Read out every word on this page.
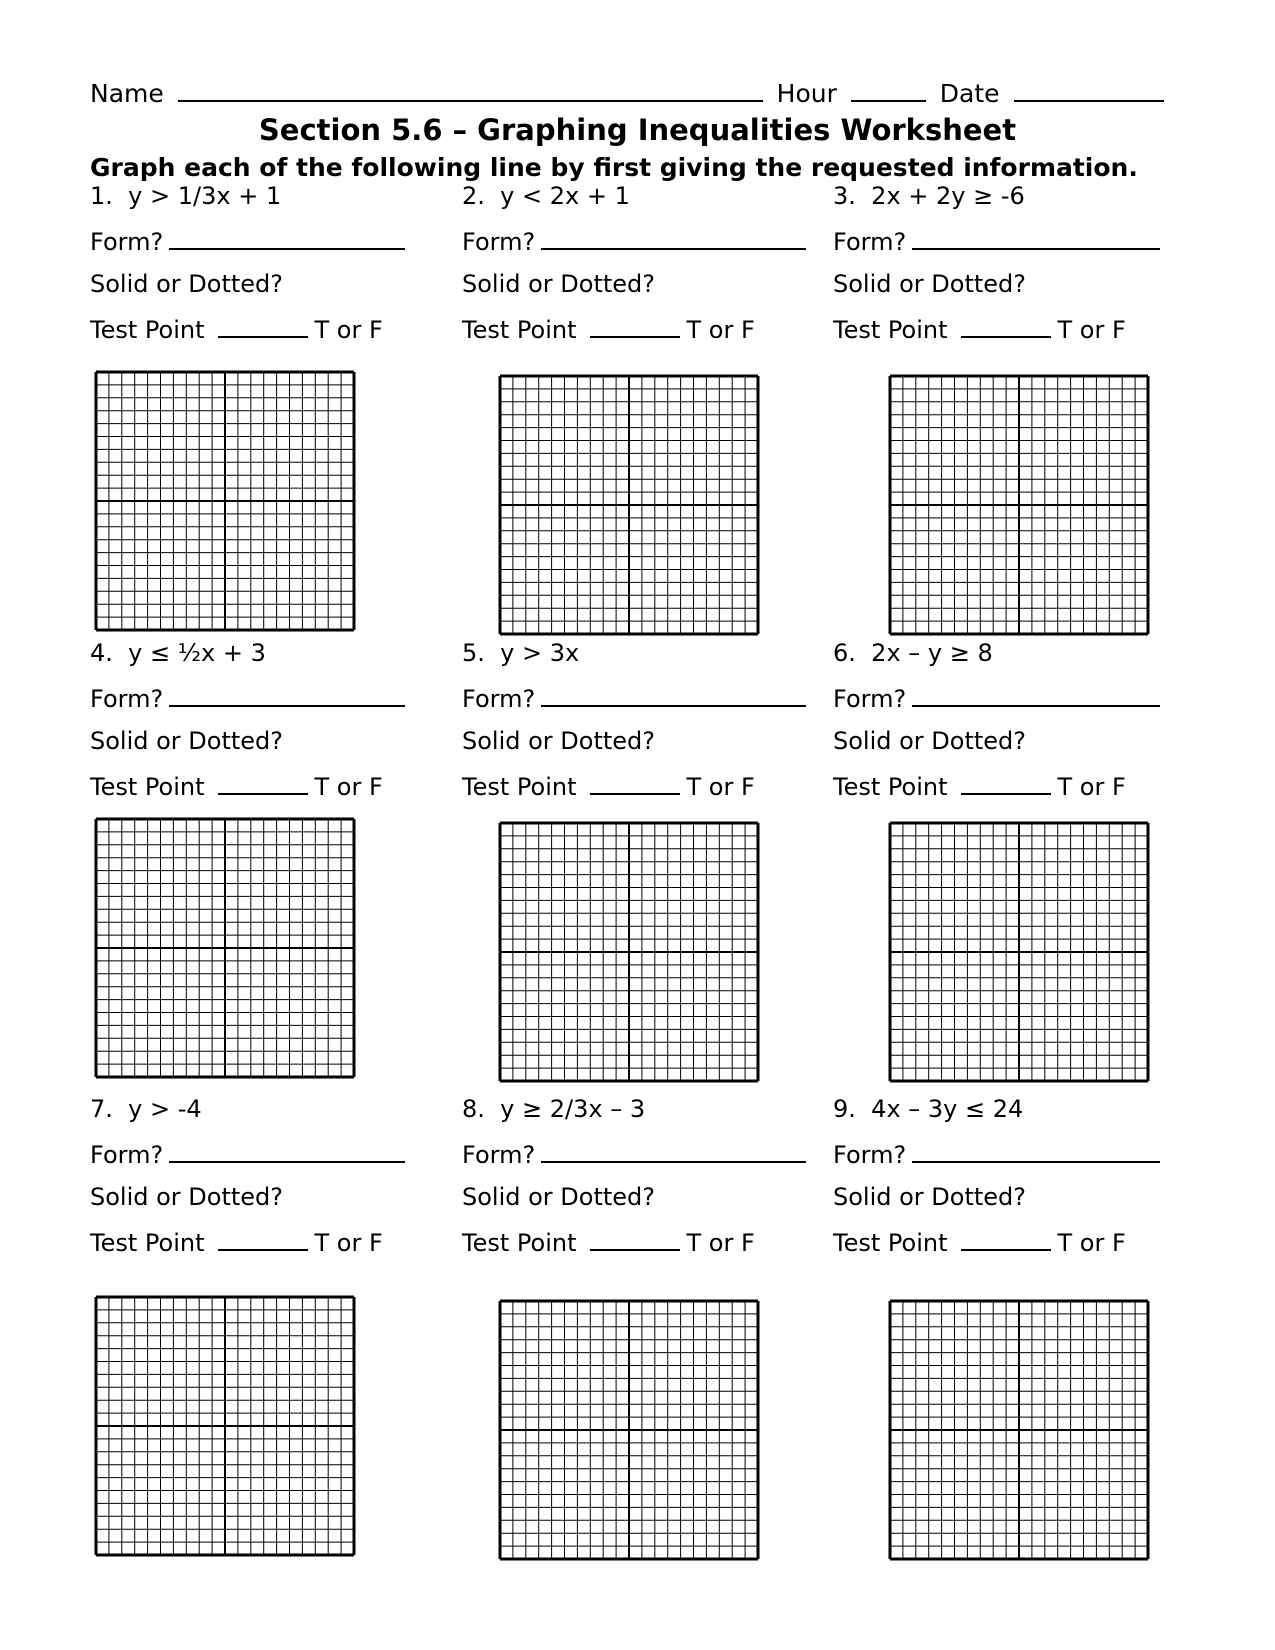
Name	Hour	Date
Section 5.6 – Graphing Inequalities Worksheet
Graph each of the following line by first giving the requested information.
1. y > 1/3x + 1
Form?
Solid or Dotted?
Test Point	T or F
2. y < 2x + 1
Form?
Solid or Dotted?
Test Point	T or F
3. 2x + 2y ≥ -6
Form?
Solid or Dotted?
Test Point	T or F
4. y ≤ ½x + 3
Form?
Solid or Dotted?
Test Point	T or F
5. y > 3x
Form?
Solid or Dotted?
Test Point	T or F
6. 2x – y ≥ 8
Form?
Solid or Dotted?
Test Point	T or F
7. y > -4
Form?
Solid or Dotted?
Test Point	T or F
8. y ≥ 2/3x – 3
Form?
Solid or Dotted?
Test Point	T or F
9. 4x – 3y ≤ 24
Form?
Solid or Dotted?
Test Point	T or F
